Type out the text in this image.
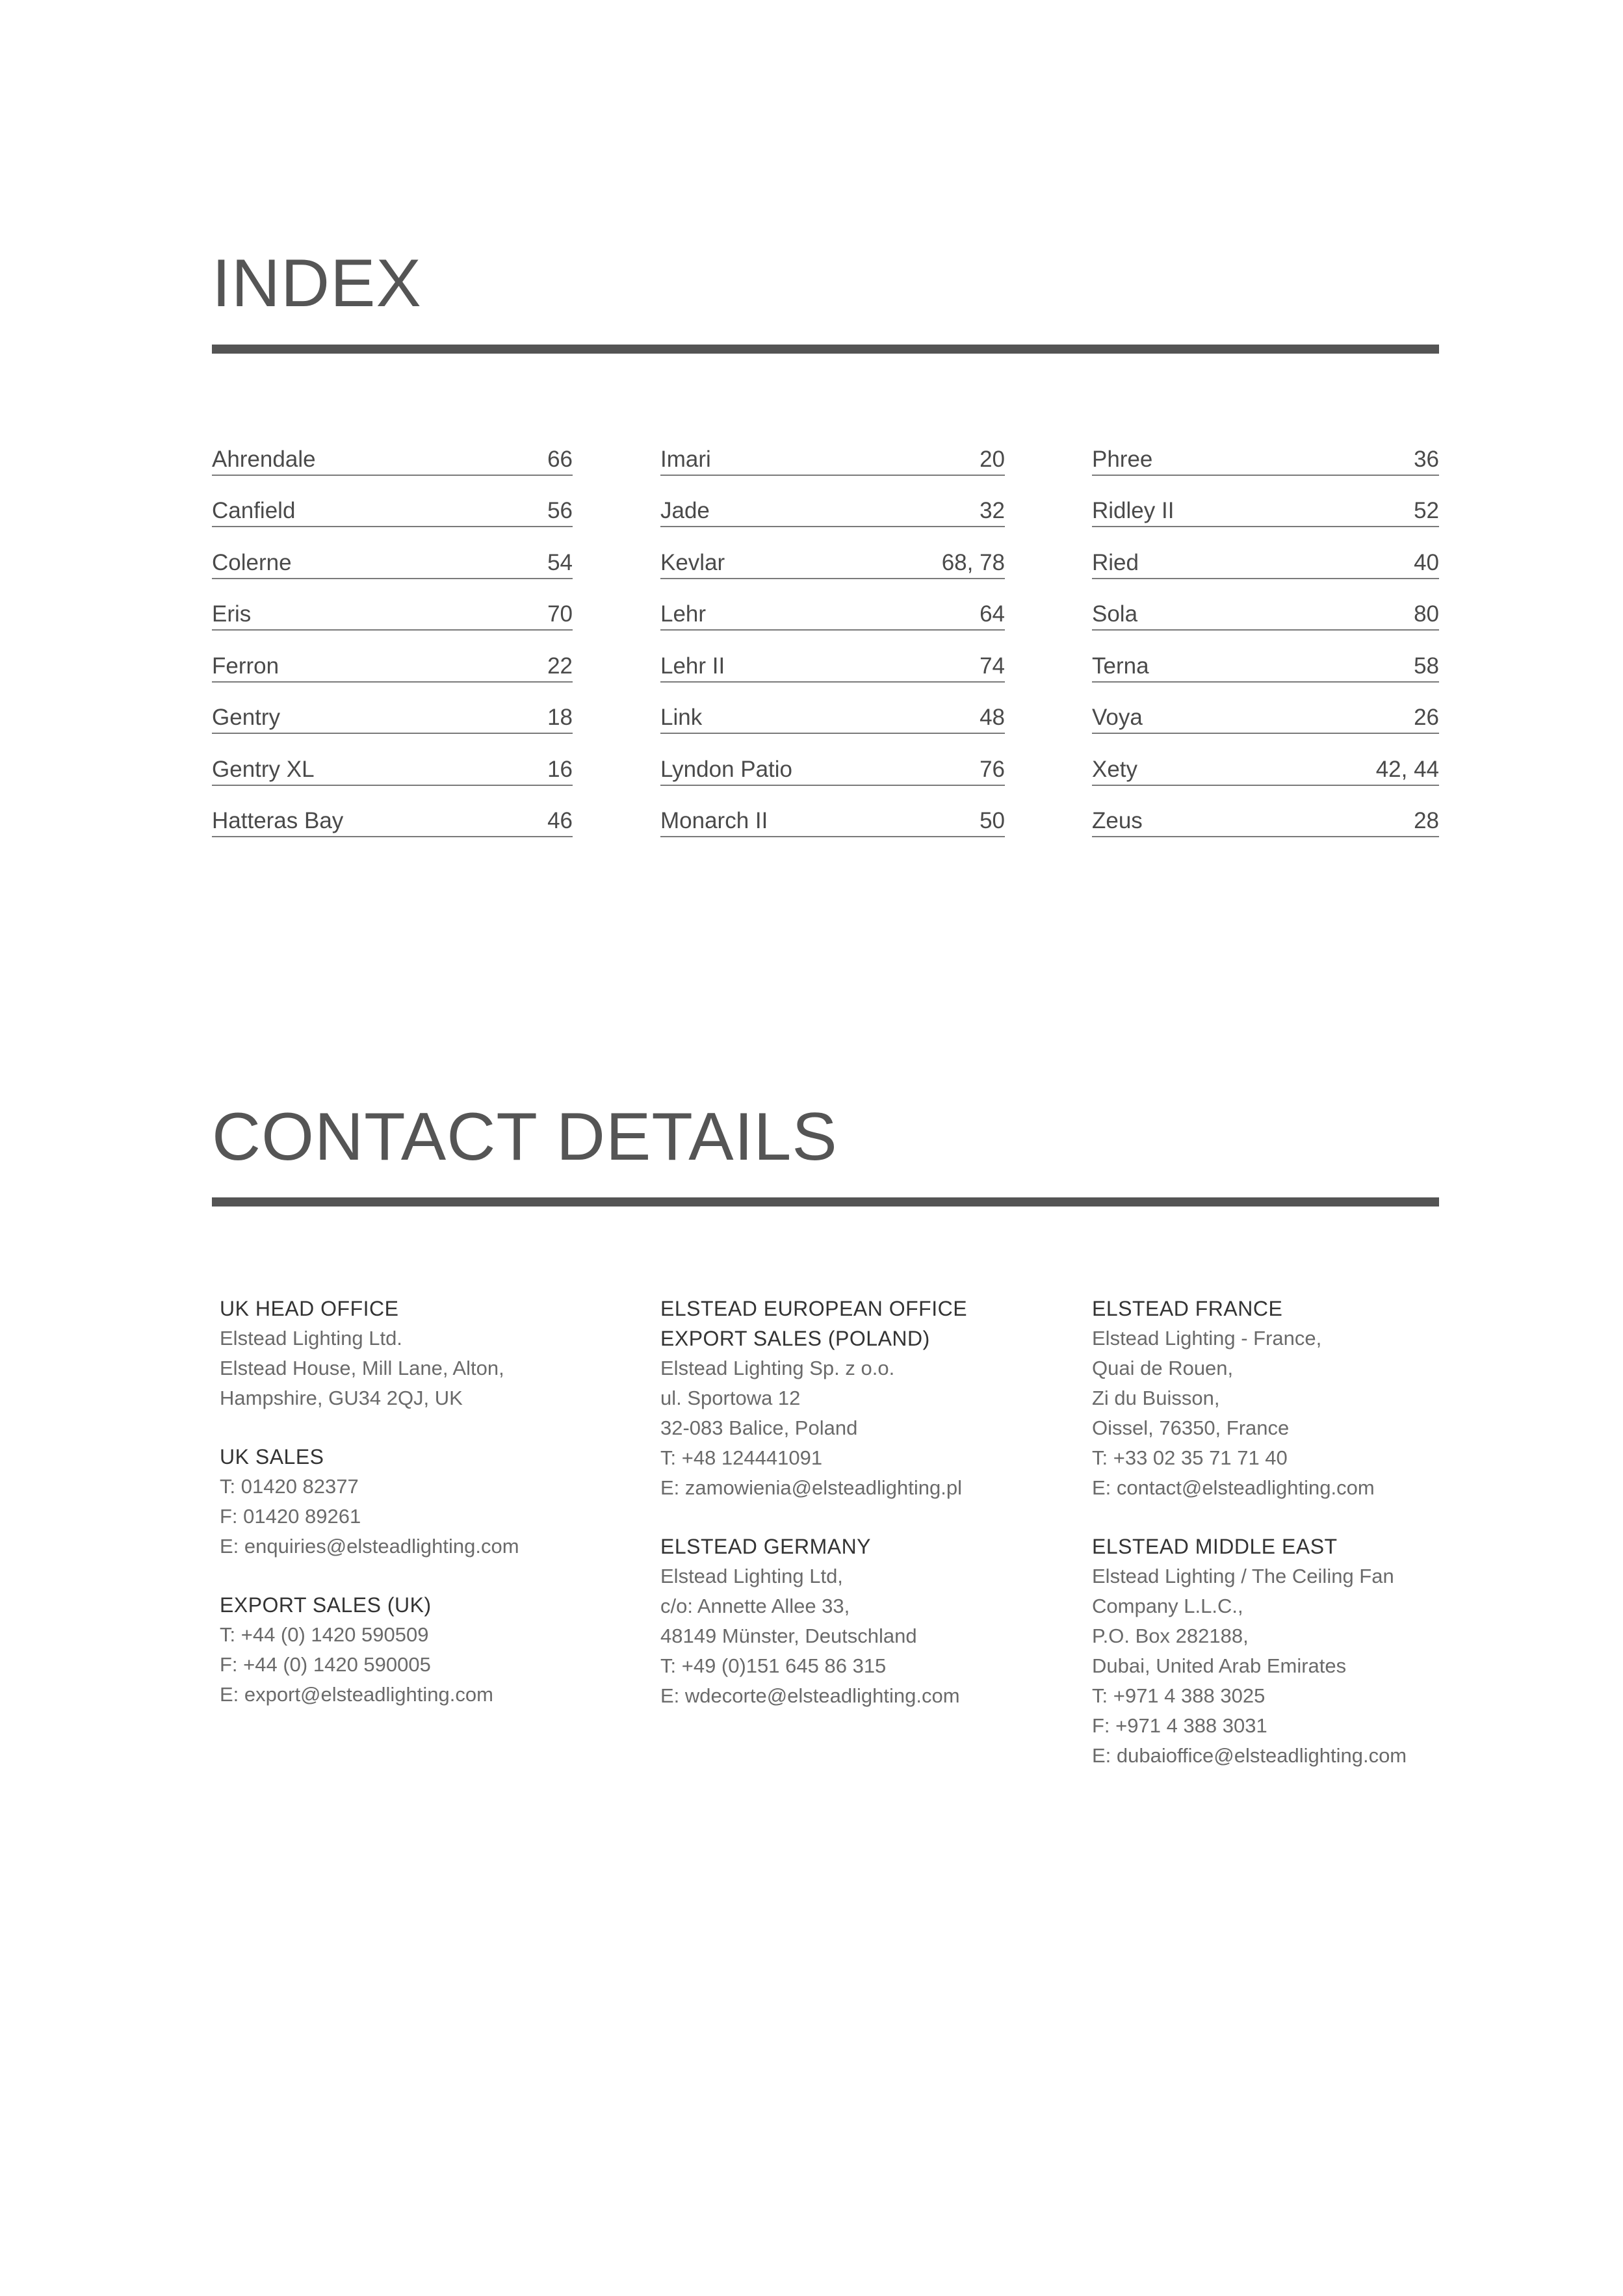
INDEX
Ahrendale	66
Canfield	56
Colerne	54
Eris	70
Ferron	22
Gentry	18
Gentry XL	16
Hatteras Bay	46
Imari	20
Jade	32
Kevlar	68, 78
Lehr	64
Lehr II	74
Link	48
Lyndon Patio	76
Monarch II	50
Phree	36
Ridley II	52
Ried	40
Sola	80
Terna	58
Voya	26
Xety	42, 44
Zeus	28
CONTACT DETAILS
UK HEAD OFFICE
Elstead Lighting Ltd.
Elstead House, Mill Lane, Alton,
Hampshire, GU34 2QJ, UK
UK SALES
T: 01420 82377
F: 01420 89261
E: enquiries@elsteadlighting.com
EXPORT SALES (UK)
T: +44 (0) 1420 590509
F: +44 (0) 1420 590005
E: export@elsteadlighting.com
ELSTEAD EUROPEAN OFFICE
EXPORT SALES (POLAND)
Elstead Lighting Sp. z o.o.
ul. Sportowa 12
32-083 Balice, Poland
T: +48 124441091
E: zamowienia@elsteadlighting.pl
ELSTEAD GERMANY
Elstead Lighting Ltd,
c/o: Annette Allee 33,
48149 Münster, Deutschland
T: +49 (0)151 645 86 315
E: wdecorte@elsteadlighting.com
ELSTEAD FRANCE
Elstead Lighting - France,
Quai de Rouen,
Zi du Buisson,
Oissel, 76350, France
T: +33 02 35 71 71 40
E: contact@elsteadlighting.com
ELSTEAD MIDDLE EAST
Elstead Lighting / The Ceiling Fan
Company L.L.C.,
P.O. Box 282188,
Dubai, United Arab Emirates
T: +971 4 388 3025
F: +971 4 388 3031
E: dubaioffice@elsteadlighting.com
